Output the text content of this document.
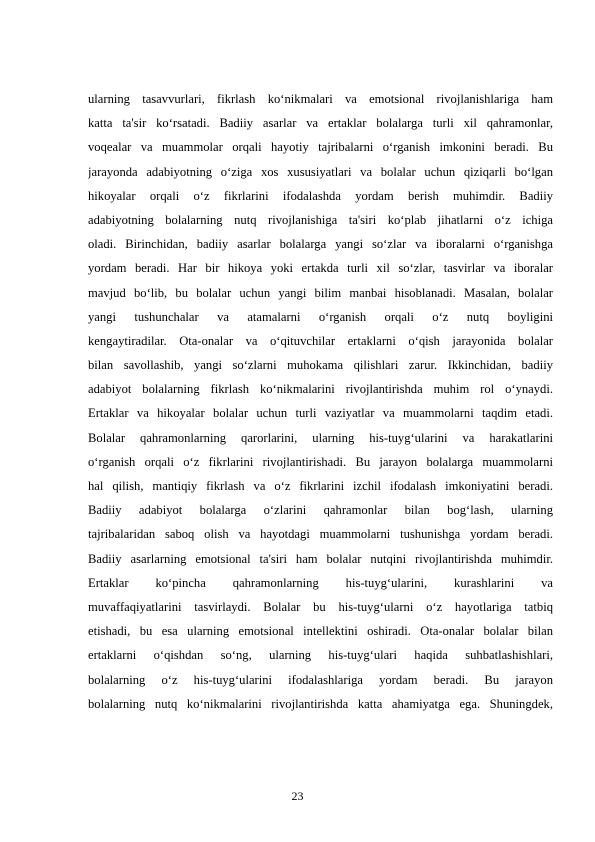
ularning tasavvurlari, fikrlash ko‘nikmalari va emotsional rivojlanishlariga ham
katta ta'sir ko‘rsatadi. Badiiy asarlar va ertaklar bolalarga turli xil qahramonlar,
voqealar va muammolar orqali hayotiy tajribalarni o‘rganish imkonini beradi. Bu
jarayonda adabiyotning o‘ziga xos xususiyatlari va bolalar uchun qiziqarli bo‘lgan
hikoyalar orqali o‘z fikrlarini ifodalashda yordam berish muhimdir. Badiiy
adabiyotning bolalarning nutq rivojlanishiga ta'siri ko‘plab jihatlarni o‘z ichiga
oladi. Birinchidan, badiiy asarlar bolalarga yangi so‘zlar va iboralarni o‘rganishga
yordam beradi. Har bir hikoya yoki ertakda turli xil so‘zlar, tasvirlar va iboralar
mavjud bo‘lib, bu bolalar uchun yangi bilim manbai hisoblanadi. Masalan, bolalar
yangi tushunchalar va atamalarni o‘rganish orqali o‘z nutq boyligini
kengaytiradilar. Ota-onalar va o‘qituvchilar ertaklarni o‘qish jarayonida bolalar
bilan savollashib, yangi so‘zlarni muhokama qilishlari zarur. Ikkinchidan, badiiy
adabiyot bolalarning fikrlash ko‘nikmalarini rivojlantirishda muhim rol o‘ynaydi.
Ertaklar va hikoyalar bolalar uchun turli vaziyatlar va muammolarni taqdim etadi.
Bolalar qahramonlarning qarorlarini, ularning his-tuyg‘ularini va harakatlarini
o‘rganish orqali o‘z fikrlarini rivojlantirishadi. Bu jarayon bolalarga muammolarni
hal qilish, mantiqiy fikrlash va o‘z fikrlarini izchil ifodalash imkoniyatini beradi.
Badiiy adabiyot bolalarga o‘zlarini qahramonlar bilan bog‘lash, ularning
tajribalaridan saboq olish va hayotdagi muammolarni tushunishga yordam beradi.
Badiiy asarlarning emotsional ta'siri ham bolalar nutqini rivojlantirishda muhimdir.
Ertaklar ko‘pincha qahramonlarning his-tuyg‘ularini, kurashlarini va
muvaffaqiyatlarini tasvirlaydi. Bolalar bu his-tuyg‘ularni o‘z hayotlariga tatbiq
etishadi, bu esa ularning emotsional intellektini oshiradi. Ota-onalar bolalar bilan
ertaklarni o‘qishdan so‘ng, ularning his-tuyg‘ulari haqida suhbatlashishlari,
bolalarning o‘z his-tuyg‘ularini ifodalashlariga yordam beradi. Bu jarayon
bolalarning nutq ko‘nikmalarini rivojlantirishda katta ahamiyatga ega. Shuningdek,
23
